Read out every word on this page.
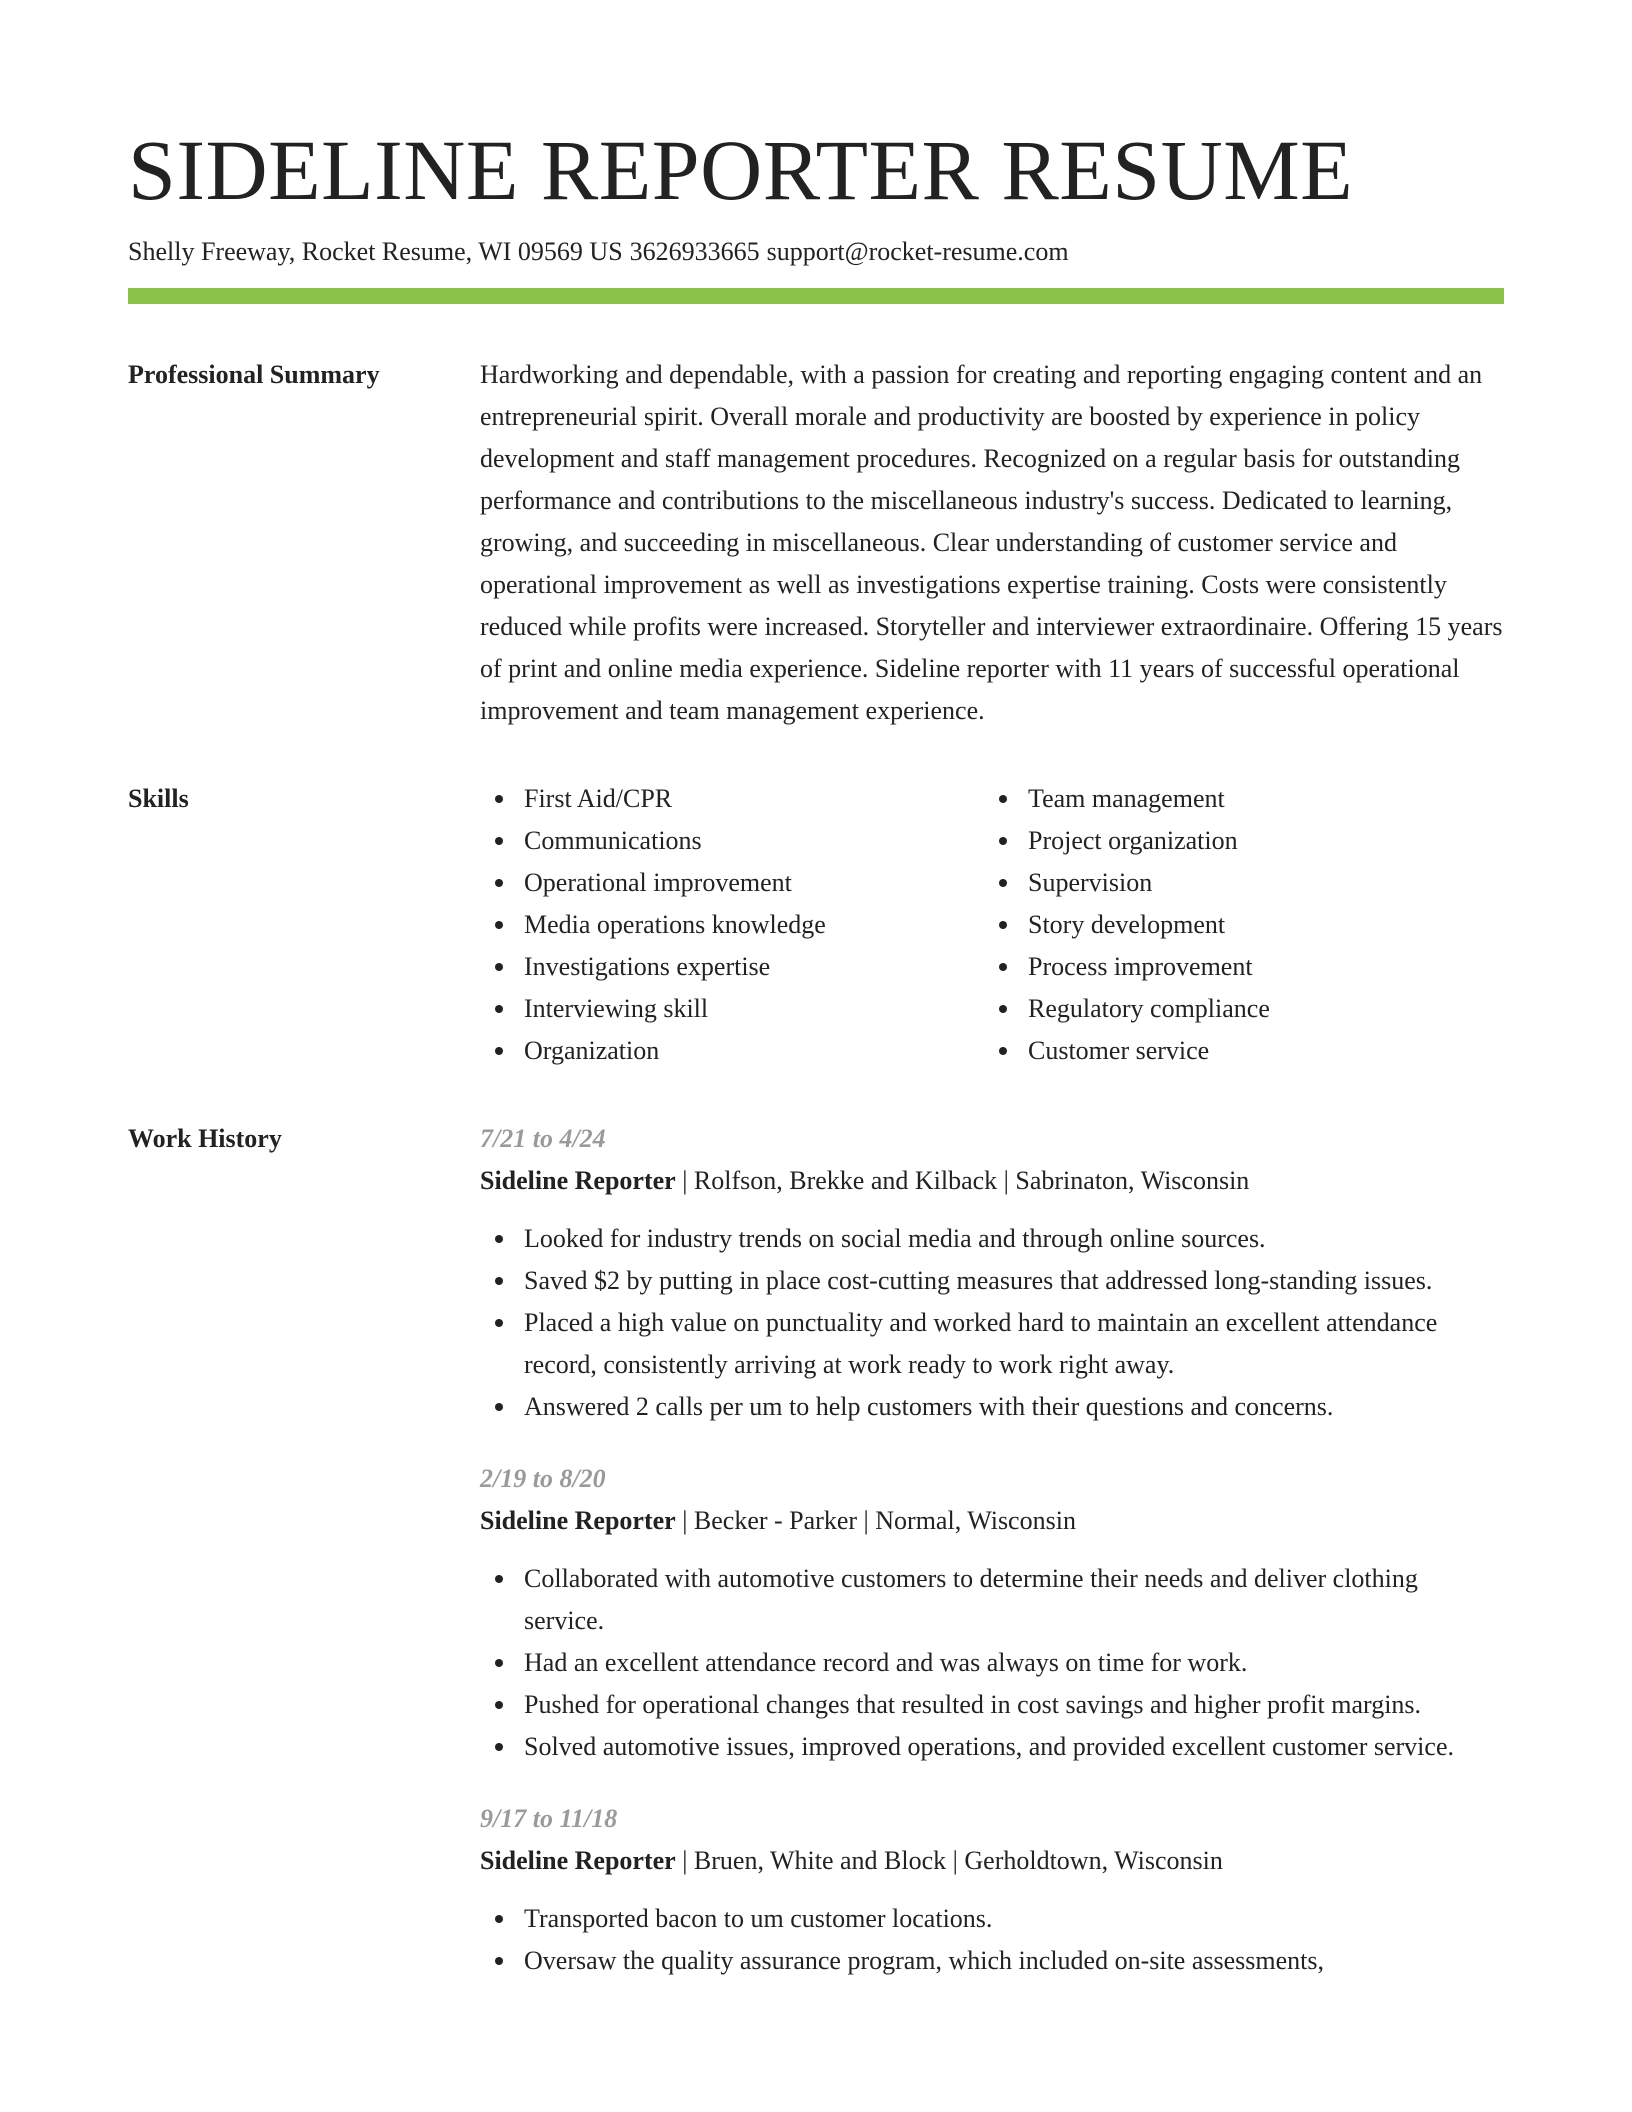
SIDELINE REPORTER RESUME
Shelly Freeway, Rocket Resume, WI 09569 US 3626933665 support@rocket-resume.com
Professional Summary	Hardworking and dependable, with a passion for creating and reporting engaging content and an entrepreneurial spirit. Overall morale and productivity are boosted by experience in policy development and staff management procedures. Recognized on a regular basis for outstanding performance and contributions to the miscellaneous industry's success. Dedicated to learning, growing, and succeeding in miscellaneous. Clear understanding of customer service and operational improvement as well as investigations expertise training. Costs were consistently reduced while profits were increased. Storyteller and interviewer extraordinaire. Offering 15 years of print and online media experience. Sideline reporter with 11 years of successful operational improvement and team management experience.

Skills	First Aid/CPR
Communications
Operational improvement
Media operations knowledge
Investigations expertise
Interviewing skill
Organization
Team management
Project organization
Supervision
Story development
Process improvement
Regulatory compliance
Customer service
Work History	7/21 to 4/24
Sideline Reporter | Rolfson, Brekke and Kilback | Sabrinaton, Wisconsin
Looked for industry trends on social media and through online sources.
Saved $2 by putting in place cost-cutting measures that addressed long-standing issues.
Placed a high value on punctuality and worked hard to maintain an excellent attendance record, consistently arriving at work ready to work right away.
Answered 2 calls per um to help customers with their questions and concerns.
2/19 to 8/20
Sideline Reporter | Becker - Parker | Normal, Wisconsin
Collaborated with automotive customers to determine their needs and deliver clothing service.
Had an excellent attendance record and was always on time for work.
Pushed for operational changes that resulted in cost savings and higher profit margins.
Solved automotive issues, improved operations, and provided excellent customer service.
9/17 to 11/18
Sideline Reporter | Bruen, White and Block | Gerholdtown, Wisconsin
Transported bacon to um customer locations.
Oversaw the quality assurance program, which included on-site assessments,
